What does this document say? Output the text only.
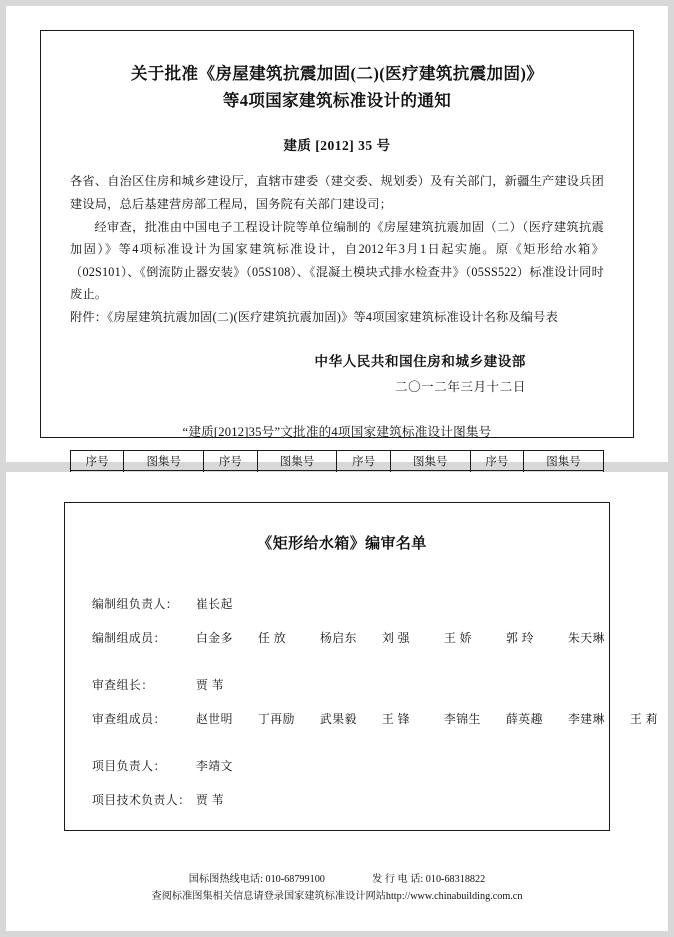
关于批准《房屋建筑抗震加固(二)(医疗建筑抗震加固)》
等4项国家建筑标准设计的通知
建质 [2012] 35 号

各省、自治区住房和城乡建设厅，直辖市建委（建交委、规划委）及有关部门，新疆生产建设兵团建设局，总后基建营房部工程局，国务院有关部门建设司；

经审查，批准由中国电子工程设计院等单位编制的《房屋建筑抗震加固（二）（医疗建筑抗震加固）》等4项标准设计为国家建筑标准设计，自2012年3月1日起实施。原《矩形给水箱》（02S101）、《倒流防止器安装》（05S108）、《混凝土模块式排水检查井》（05SS522）标准设计同时废止。

附件：《房屋建筑抗震加固(二)(医疗建筑抗震加固)》等4项国家建筑标准设计名称及编号表

中华人民共和国住房和城乡建设部
二〇一二年三月十二日
“建质[2012]35号”文批准的4项国家建筑标准设计图集号
序号	图集号	序号	图集号	序号	图集号	序号	图集号

《矩形给水箱》编审名单
编制组负责人：	崔长起
编制组成员：	白金多	任 放	杨启东	刘 强	王 娇	郭 玲	朱天琳
审查组长：	贾 苇
审查组成员：	赵世明	丁再励	武果毅	王 锋	李锦生	薛英趣	李建琳	王 莉
项目负责人：	李靖文
项目技术负责人： 贾 苇
国标图热线电话: 010-68799100	发 行 电 话: 010-68318822
查阅标准图集相关信息请登录国家建筑标准设计网站http://www.chinabuilding.com.cn
